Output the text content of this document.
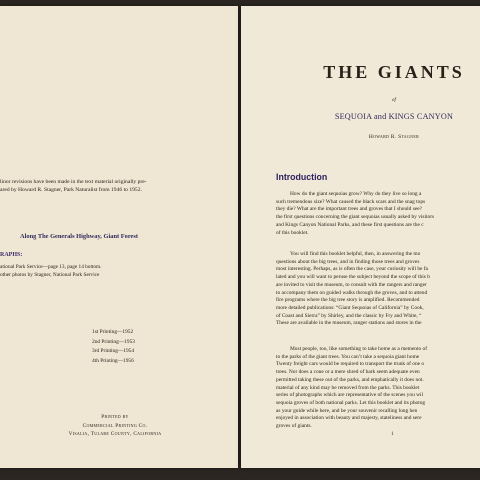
linor revisions have been made in the text material originally pre-
ared by Howard R. Stagner, Park Naturalist from 1946 to 1952.
Along The Generals Highway, Giant Forest
RAPHS:
ational Park Service—page 13, page 14 bottom.
other photos by Stagner, National Park Service
1st Printing—1952
2nd Printing—1953
3rd Printing—1954
4th Printing—1956
Printed by
Commercial Printing Co.
Visalia, Tulare County, California
THE GIANTS
of
SEQUOIA and KINGS CANYON
Howard R. Stagner
Introduction
How do the giant sequoias grow? Why do they live so long a
such tremendous size? What caused the black scars and the snag tops
they die? What are the important trees and groves that I should see?
the first questions concerning the giant sequoias usually asked by visitors
and Kings Canyon National Parks, and these first questions are the c
of this booklet.
You will find this booklet helpful, then, in answering the mo
questions about the big trees, and in finding those trees and groves
most interesting. Perhaps, as is often the case, your curiosity will be fa
lated and you will want to peruse the subject beyond the scope of this b
are invited to visit the museum, to consult with the rangers and ranger
to accompany them on guided walks through the groves, and to attend
fire programs where the big tree story is amplified. Recommended
more detailed publications: “Giant Sequoias of California” by Cook,
of Coast and Sierra” by Shirley, and the classic by Fry and White, “
These are available in the museum, ranger stations and stores in the
Most people, too, like something to take home as a memento of
to the parks of the giant trees. You can’t take a sequoia giant home
Twenty freight cars would be required to transport the trunk of one o
trees. Nor does a cone or a mere shred of bark seem adequate even
permitted taking these out of the parks, and emphatically it does not.
material of any kind may be removed from the parks. This booklet
series of photographs which are representative of the scenes you wil
sequoia groves of both national parks. Let this booklet and its photog
as your guide while here, and be your souvenir recalling long hen
enjoyed in association with beauty and majesty, stateliness and sere
groves of giants.
1
